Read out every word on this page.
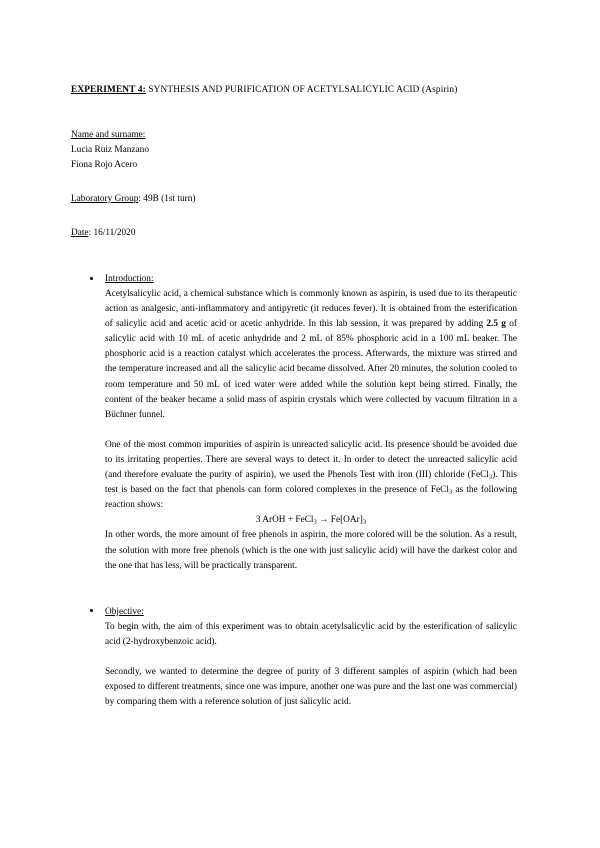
EXPERIMENT 4: SYNTHESIS AND PURIFICATION OF ACETYLSALICYLIC ACID (Aspirin)
Name and surname:
Lucia Ruiz Manzano
Fiona Rojo Acero
Laboratory Group: 49B (1st turn)
Date: 16/11/2020
Introduction:

Acetylsalicylic acid, a chemical substance which is commonly known as aspirin, is used due to its therapeutic action as analgesic, anti-inflammatory and antipyretic (it reduces fever). It is obtained from the esterification of salicylic acid and acetic acid or acetic anhydride. In this lab session, it was prepared by adding 2.5 g of salicylic acid with 10 mL of acetic anhydride and 2 mL of 85% phosphoric acid in a 100 mL beaker. The phosphoric acid is a reaction catalyst which accelerates the process. Afterwards, the mixture was stirred and the temperature increased and all the salicylic acid became dissolved. After 20 minutes, the solution cooled to room temperature and 50 mL of iced water were added while the solution kept being stirred. Finally, the content of the beaker became a solid mass of aspirin crystals which were collected by vacuum filtration in a Büchner funnel.

One of the most common impurities of aspirin is unreacted salicylic acid. Its presence should be avoided due to its irritating properties. There are several ways to detect it. In order to detect the unreacted salicylic acid (and therefore evaluate the purity of aspirin), we used the Phenols Test with iron (III) chloride (FeCl$_3$). This test is based on the fact that phenols can form colored complexes in the presence of FeCl$_3$ as the following reaction shows:

3 ArOH + FeCl$_3$ → $Fe[OAr]_3$

In other words, the more amount of free phenols in aspirin, the more colored will be the solution. As a result, the solution with more free phenols (which is the one with just salicylic acid) will have the darkest color and the one that has less, will be practically transparent.

Objective:

To begin with, the aim of this experiment was to obtain acetylsalicylic acid by the esterification of salicylic acid (2-hydroxybenzoic acid).

Secondly, we wanted to determine the degree of purity of 3 different samples of aspirin (which had been exposed to different treatments, since one was impure, another one was pure and the last one was commercial) by comparing them with a reference solution of just salicylic acid.
